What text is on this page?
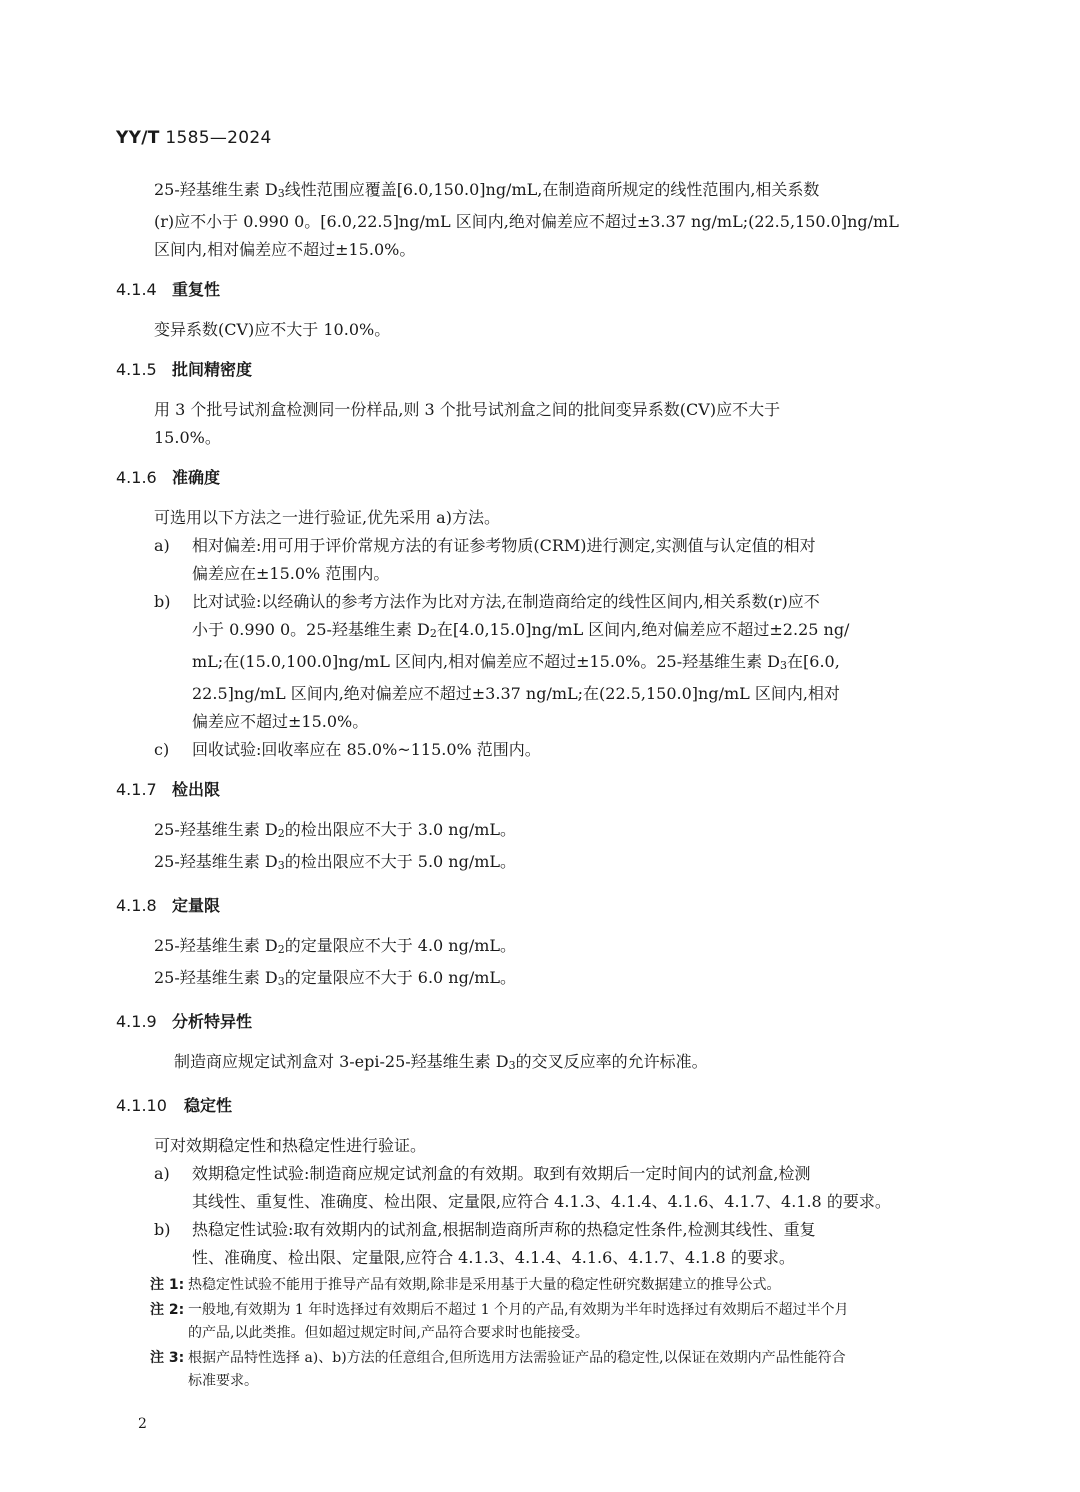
YY/T 1585—2024
25-羟基维生素 $D_3$线性范围应覆盖[6.0,150.0]ng/mL,在制造商所规定的线性范围内,相关系数
(r)应不小于 0.990 0。[6.0,22.5]ng/mL 区间内,绝对偏差应不超过±3.37 ng/mL;(22.5,150.0]ng/mL
区间内,相对偏差应不超过±15.0%。
4.1.4 重复性
变异系数(CV)应不大于 10.0%。
4.1.5 批间精密度
用 3 个批号试剂盒检测同一份样品,则 3 个批号试剂盒之间的批间变异系数(CV)应不大于
15.0%。
4.1.6 准确度
可选用以下方法之一进行验证,优先采用 a)方法。
a) 相对偏差:用可用于评价常规方法的有证参考物质(CRM)进行测定,实测值与认定值的相对
偏差应在±15.0% 范围内。
b) 比对试验:以经确认的参考方法作为比对方法,在制造商给定的线性区间内,相关系数(r)应不
小于 0.990 0。25-羟基维生素 $D_2$在[4.0,15.0]ng/mL 区间内,绝对偏差应不超过±2.25 ng/
mL;在(15.0,100.0]ng/mL 区间内,相对偏差应不超过±15.0%。25-羟基维生素 $D_3$在[6.0,
22.5]ng/mL 区间内,绝对偏差应不超过±3.37 ng/mL;在(22.5,150.0]ng/mL 区间内,相对
偏差应不超过±15.0%。
c) 回收试验:回收率应在 85.0%~115.0% 范围内。
4.1.7 检出限
25-羟基维生素 $D_2$的检出限应不大于 3.0 ng/mL。
25-羟基维生素 $D_3$的检出限应不大于 5.0 ng/mL。
4.1.8 定量限
25-羟基维生素 $D_2$的定量限应不大于 4.0 ng/mL。
25-羟基维生素 $D_3$的定量限应不大于 6.0 ng/mL。
4.1.9 分析特异性
制造商应规定试剂盒对 3-epi-25-羟基维生素 $D_3$的交叉反应率的允许标准。
4.1.10 稳定性
可对效期稳定性和热稳定性进行验证。
a) 效期稳定性试验:制造商应规定试剂盒的有效期。取到有效期后一定时间内的试剂盒,检测
其线性、重复性、准确度、检出限、定量限,应符合 4.1.3、4.1.4、4.1.6、4.1.7、4.1.8 的要求。
b) 热稳定性试验:取有效期内的试剂盒,根据制造商所声称的热稳定性条件,检测其线性、重复
性、准确度、检出限、定量限,应符合 4.1.3、4.1.4、4.1.6、4.1.7、4.1.8 的要求。
注 1: 热稳定性试验不能用于推导产品有效期,除非是采用基于大量的稳定性研究数据建立的推导公式。
注 2: 一般地,有效期为 1 年时选择过有效期后不超过 1 个月的产品,有效期为半年时选择过有效期后不超过半个月
的产品,以此类推。但如超过规定时间,产品符合要求时也能接受。
注 3: 根据产品特性选择 a)、b)方法的任意组合,但所选用方法需验证产品的稳定性,以保证在效期内产品性能符合
标准要求。
2
